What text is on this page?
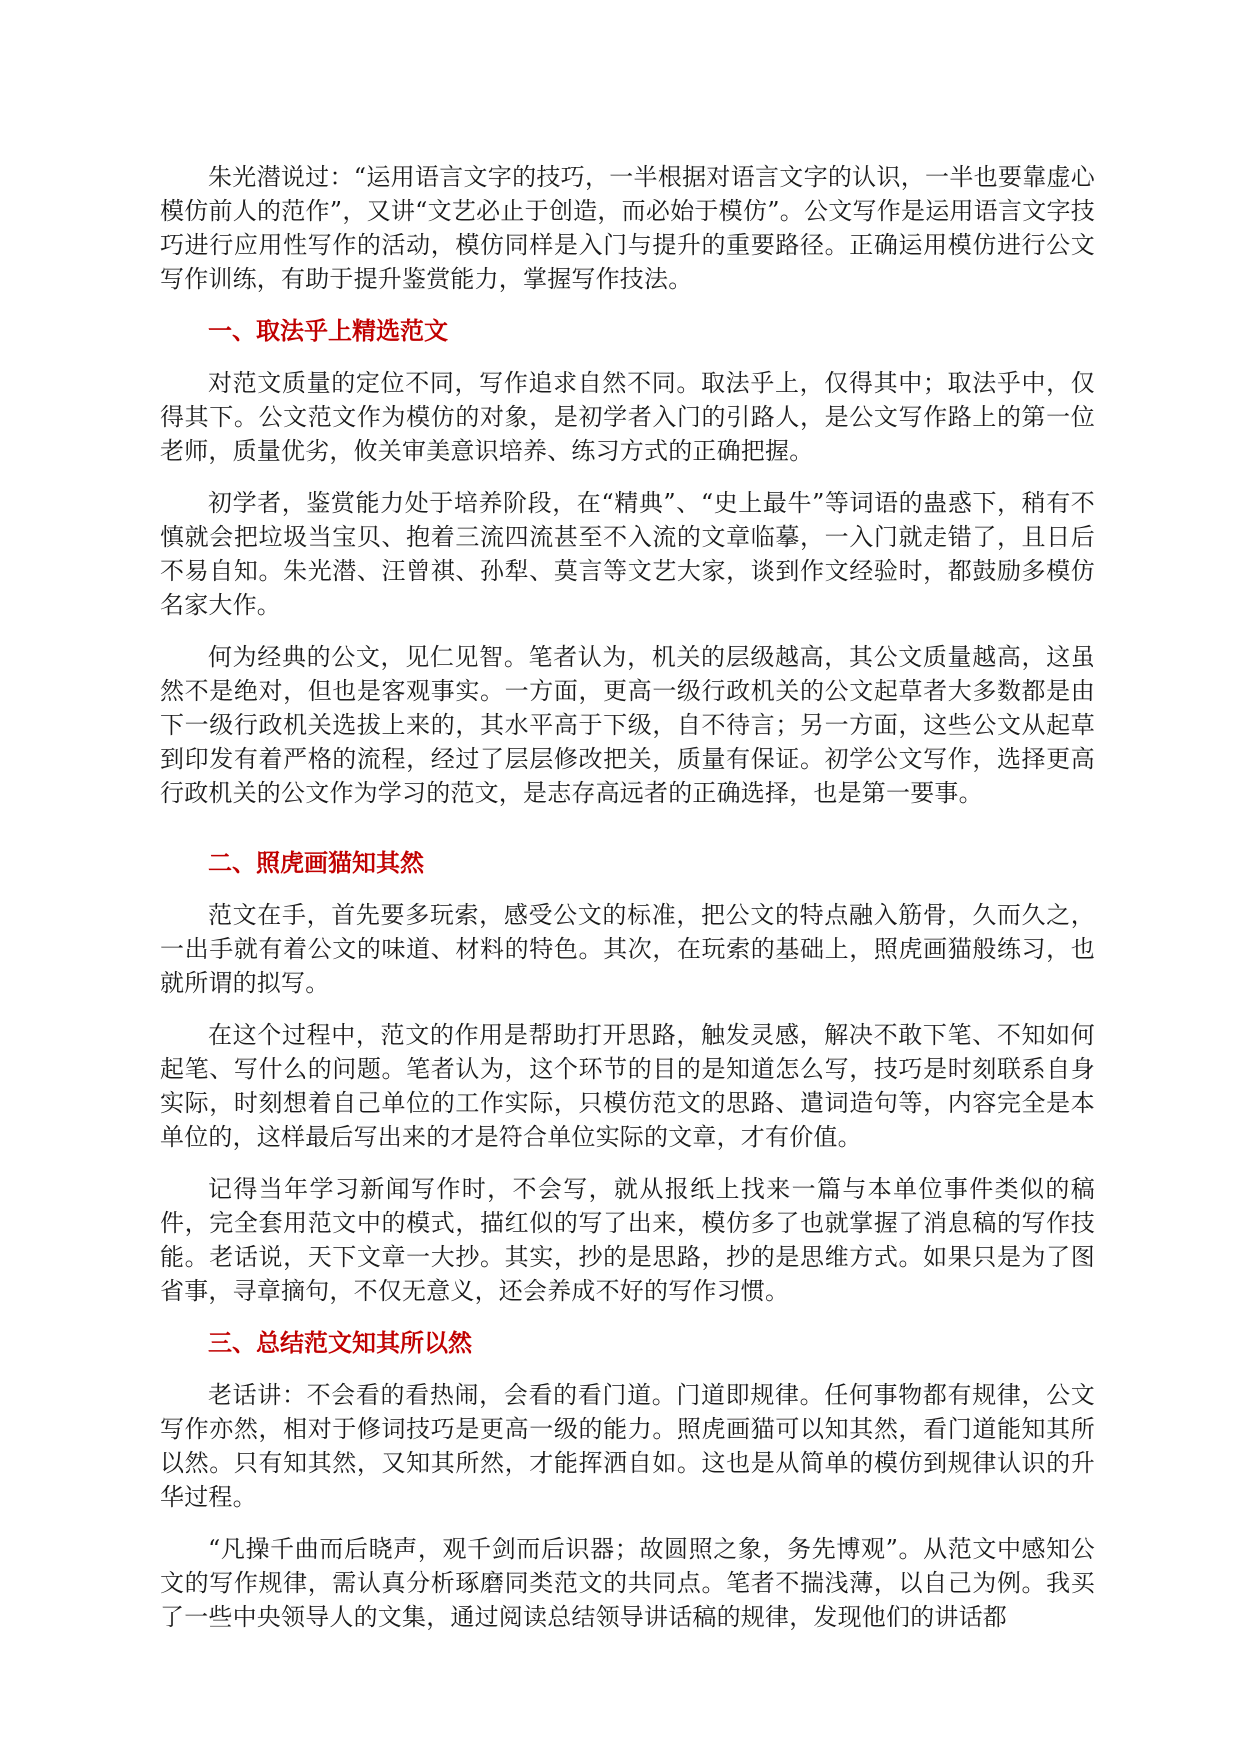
朱光潜说过：“运用语言文字的技巧，一半根据对语言文字的认识，一半也要靠虚心模仿前人的范作”，又讲“文艺必止于创造，而必始于模仿”。公文写作是运用语言文字技巧进行应用性写作的活动，模仿同样是入门与提升的重要路径。正确运用模仿进行公文写作训练，有助于提升鉴赏能力，掌握写作技法。

一、取法乎上精选范文

对范文质量的定位不同，写作追求自然不同。取法乎上，仅得其中；取法乎中，仅得其下。公文范文作为模仿的对象，是初学者入门的引路人，是公文写作路上的第一位老师，质量优劣，攸关审美意识培养、练习方式的正确把握。

初学者，鉴赏能力处于培养阶段，在“精典”、“史上最牛”等词语的蛊惑下，稍有不慎就会把垃圾当宝贝、抱着三流四流甚至不入流的文章临摹，一入门就走错了，且日后不易自知。朱光潜、汪曾祺、孙犁、莫言等文艺大家，谈到作文经验时，都鼓励多模仿名家大作。

何为经典的公文，见仁见智。笔者认为，机关的层级越高，其公文质量越高，这虽然不是绝对，但也是客观事实。一方面，更高一级行政机关的公文起草者大多数都是由下一级行政机关选拔上来的，其水平高于下级，自不待言；另一方面，这些公文从起草到印发有着严格的流程，经过了层层修改把关，质量有保证。初学公文写作，选择更高行政机关的公文作为学习的范文，是志存高远者的正确选择，也是第一要事。

二、照虎画猫知其然

范文在手，首先要多玩索，感受公文的标准，把公文的特点融入筋骨，久而久之，一出手就有着公文的味道、材料的特色。其次，在玩索的基础上，照虎画猫般练习，也就所谓的拟写。

在这个过程中，范文的作用是帮助打开思路，触发灵感，解决不敢下笔、不知如何起笔、写什么的问题。笔者认为，这个环节的目的是知道怎么写，技巧是时刻联系自身实际，时刻想着自己单位的工作实际，只模仿范文的思路、遣词造句等，内容完全是本单位的，这样最后写出来的才是符合单位实际的文章，才有价值。

记得当年学习新闻写作时，不会写，就从报纸上找来一篇与本单位事件类似的稿件，完全套用范文中的模式，描红似的写了出来，模仿多了也就掌握了消息稿的写作技能。老话说，天下文章一大抄。其实，抄的是思路，抄的是思维方式。如果只是为了图省事，寻章摘句，不仅无意义，还会养成不好的写作习惯。

三、总结范文知其所以然

老话讲：不会看的看热闹，会看的看门道。门道即规律。任何事物都有规律，公文写作亦然，相对于修词技巧是更高一级的能力。照虎画猫可以知其然，看门道能知其所以然。只有知其然，又知其所然，才能挥洒自如。这也是从简单的模仿到规律认识的升华过程。

“凡操千曲而后晓声，观千剑而后识器；故圆照之象，务先博观”。从范文中感知公文的写作规律，需认真分析琢磨同类范文的共同点。笔者不揣浅薄，以自己为例。我买了一些中央领导人的文集，通过阅读总结领导讲话稿的规律，发现他们的讲话都
